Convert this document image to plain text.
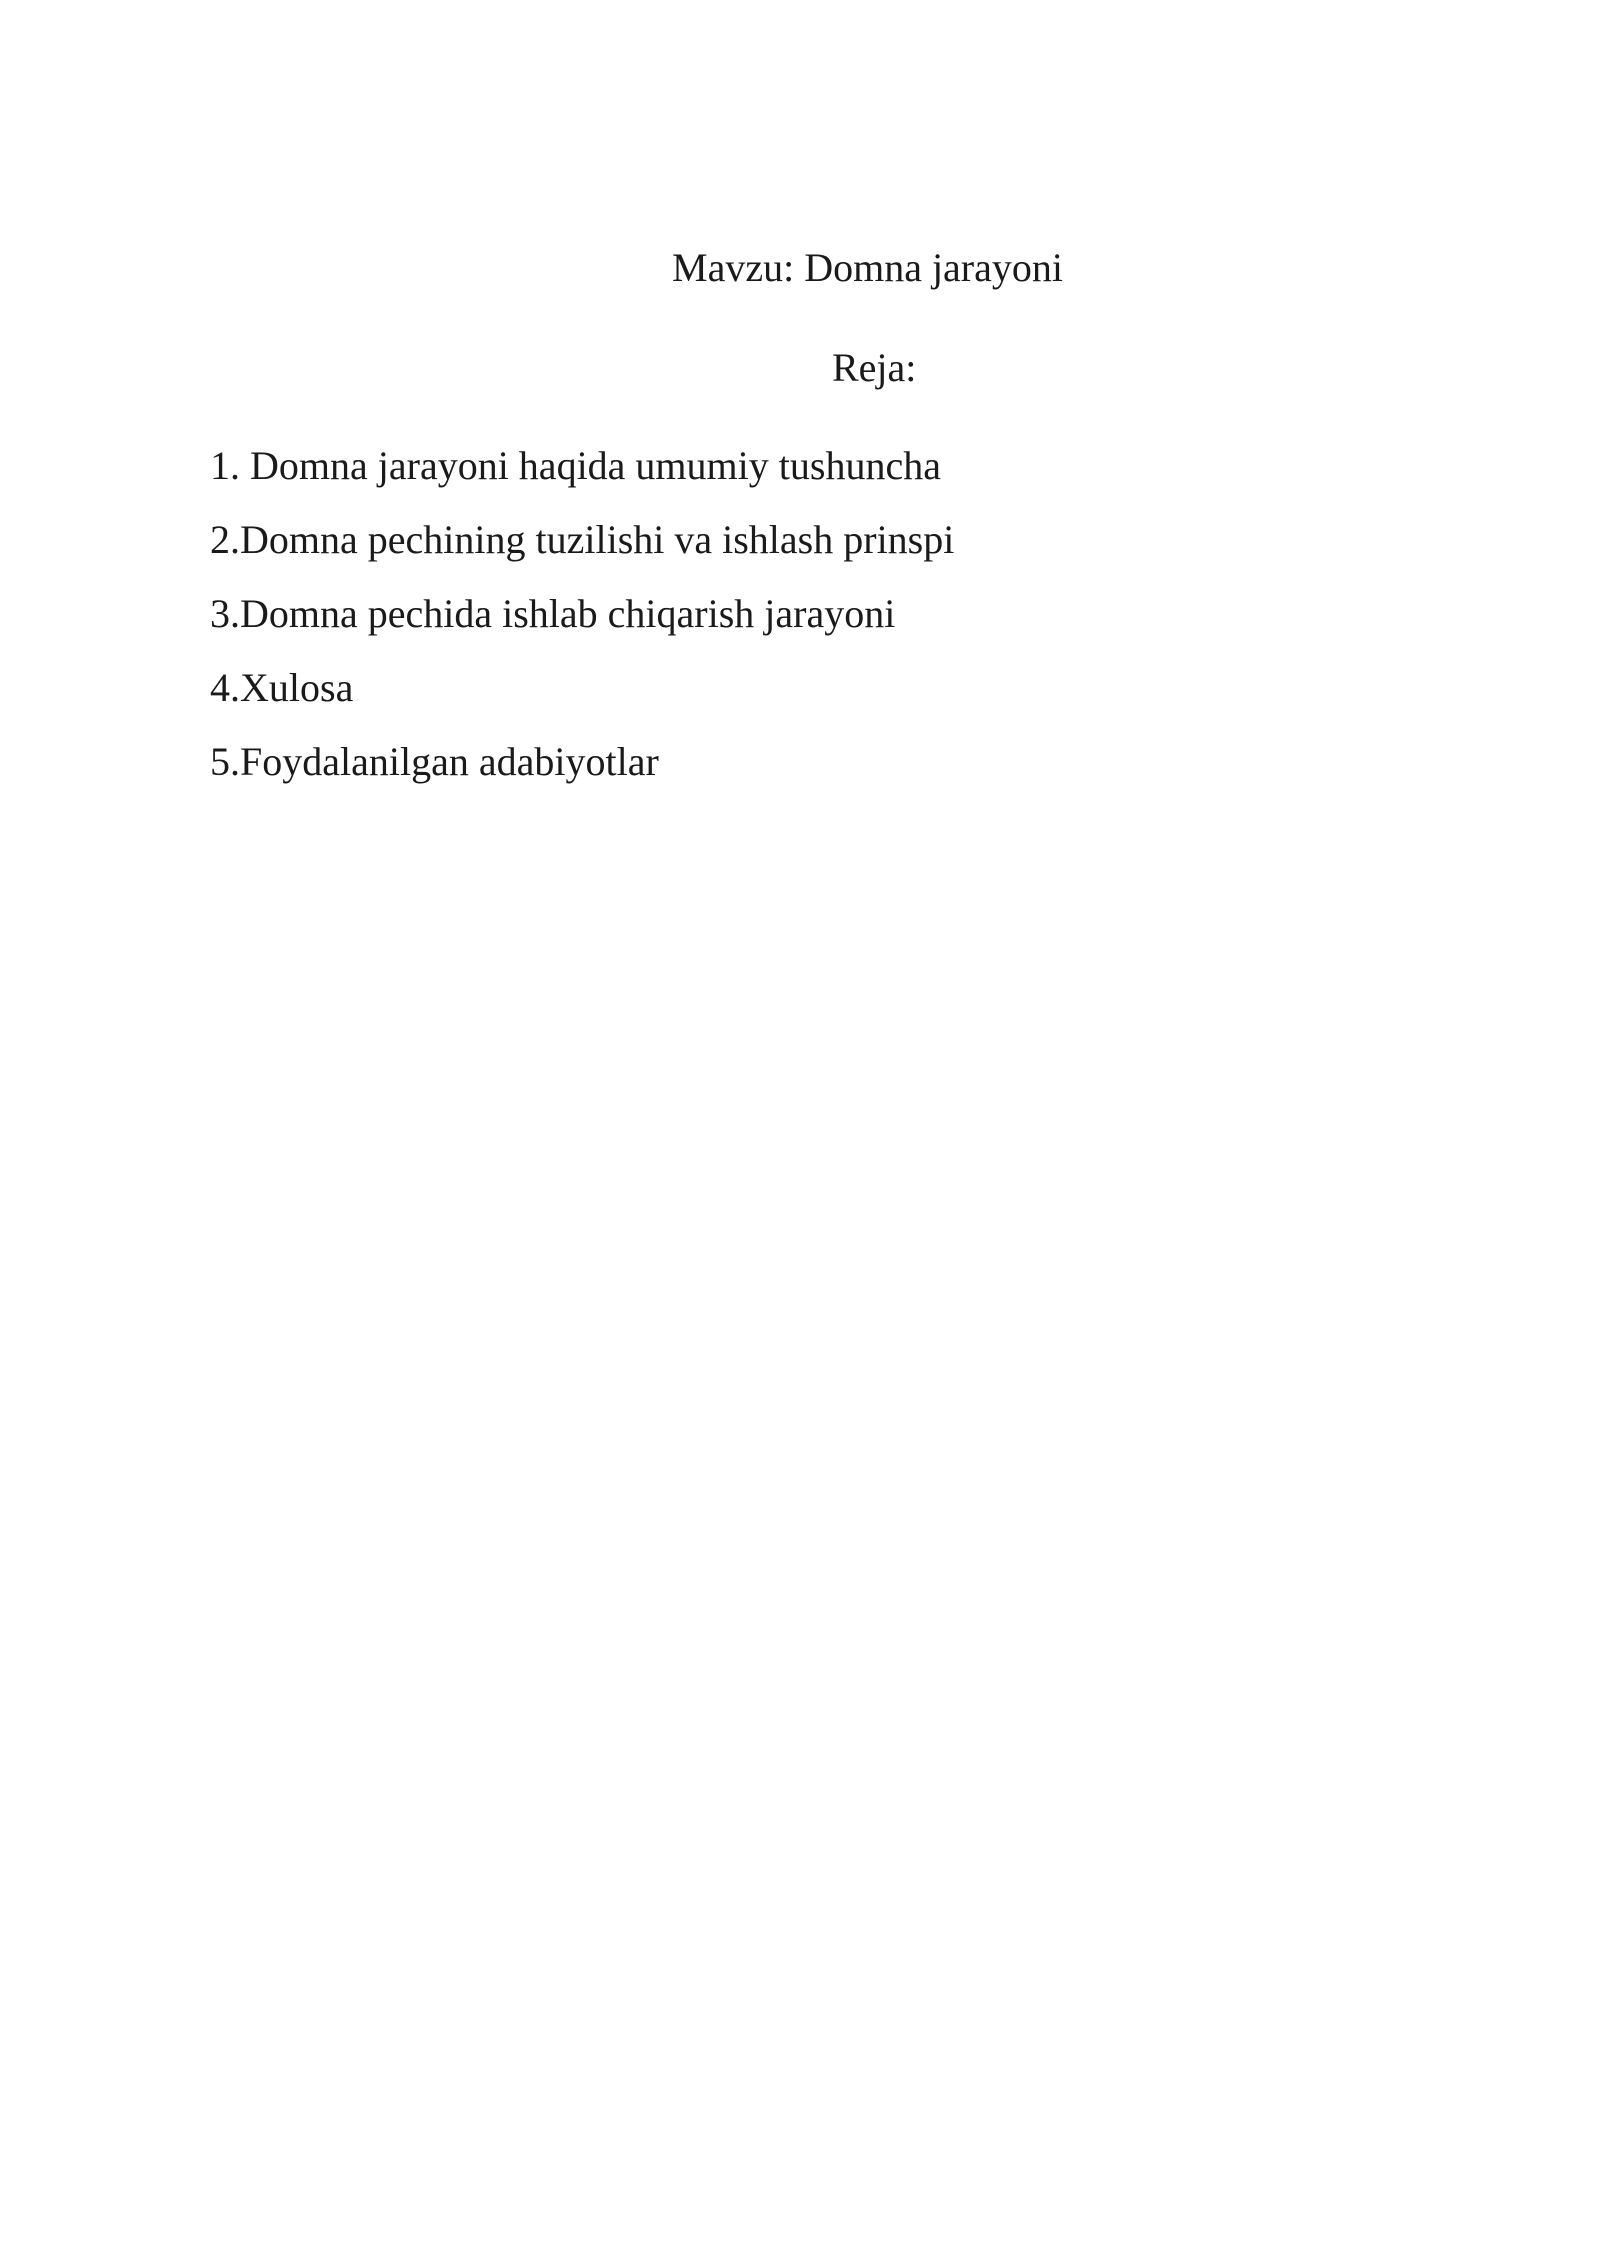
Mavzu: Domna jarayoni
Reja:
1. Domna jarayoni haqida umumiy tushuncha
2.Domna pechining tuzilishi va ishlash prinspi
3.Domna pechida ishlab chiqarish jarayoni
4.Xulosa
5.Foydalanilgan adabiyotlar
